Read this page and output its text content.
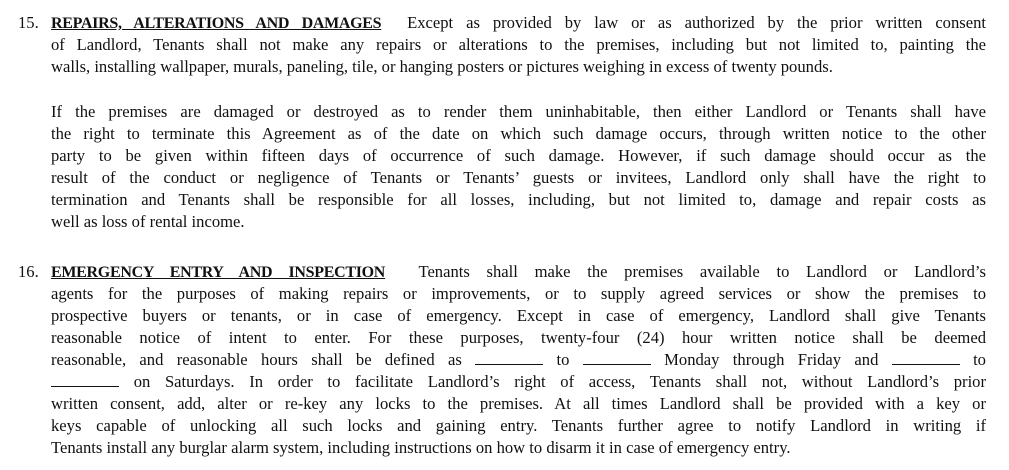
15. REPAIRS, ALTERATIONS AND DAMAGES Except as provided by law or as authorized by the prior written consent
of Landlord, Tenants shall not make any repairs or alterations to the premises, including but not limited to, painting the
walls, installing wallpaper, murals, paneling, tile, or hanging posters or pictures weighing in excess of twenty pounds.
If the premises are damaged or destroyed as to render them uninhabitable, then either Landlord or Tenants shall have
the right to terminate this Agreement as of the date on which such damage occurs, through written notice to the other
party to be given within fifteen days of occurrence of such damage. However, if such damage should occur as the
result of the conduct or negligence of Tenants or Tenants’ guests or invitees, Landlord only shall have the right to
termination and Tenants shall be responsible for all losses, including, but not limited to, damage and repair costs as
well as loss of rental income.
16. EMERGENCY ENTRY AND INSPECTION Tenants shall make the premises available to Landlord or Landlord’s
agents for the purposes of making repairs or improvements, or to supply agreed services or show the premises to
prospective buyers or tenants, or in case of emergency. Except in case of emergency, Landlord shall give Tenants
reasonable notice of intent to enter. For these purposes, twenty-four (24) hour written notice shall be deemed
reasonable, and reasonable hours shall be defined as	to	Monday through Friday and	to
on Saturdays. In order to facilitate Landlord’s right of access, Tenants shall not, without Landlord’s prior
written consent, add, alter or re-key any locks to the premises. At all times Landlord shall be provided with a key or
keys capable of unlocking all such locks and gaining entry. Tenants further agree to notify Landlord in writing if
Tenants install any burglar alarm system, including instructions on how to disarm it in case of emergency entry.
